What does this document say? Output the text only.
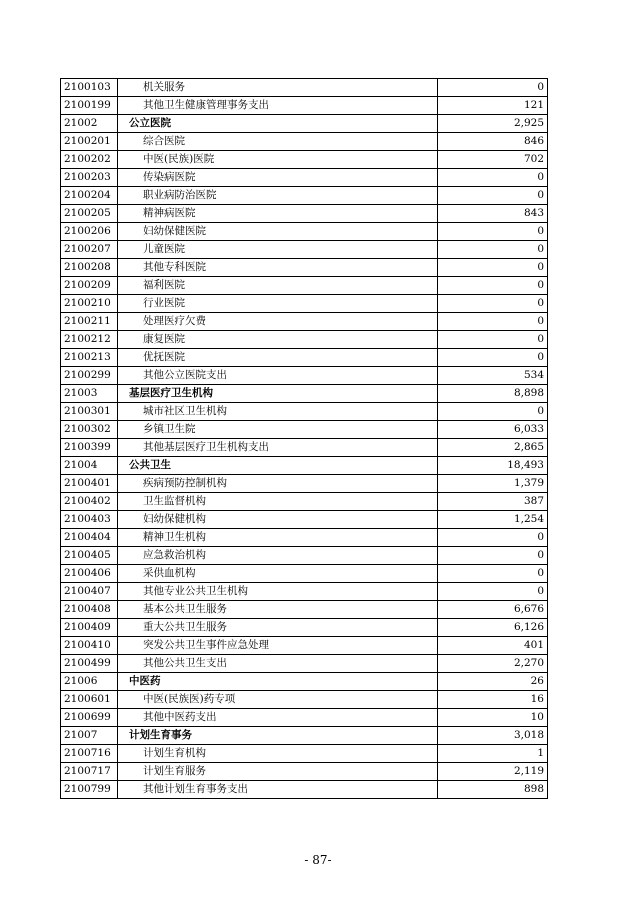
2100103	机关服务	0
2100199	其他卫生健康管理事务支出	121
21002	公立医院	2,925
2100201	综合医院	846
2100202	中医(民族)医院	702
2100203	传染病医院	0
2100204	职业病防治医院	0
2100205	精神病医院	843
2100206	妇幼保健医院	0
2100207	儿童医院	0
2100208	其他专科医院	0
2100209	福利医院	0
2100210	行业医院	0
2100211	处理医疗欠费	0
2100212	康复医院	0
2100213	优抚医院	0
2100299	其他公立医院支出	534
21003	基层医疗卫生机构	8,898
2100301	城市社区卫生机构	0
2100302	乡镇卫生院	6,033
2100399	其他基层医疗卫生机构支出	2,865
21004	公共卫生	18,493
2100401	疾病预防控制机构	1,379
2100402	卫生监督机构	387
2100403	妇幼保健机构	1,254
2100404	精神卫生机构	0
2100405	应急救治机构	0
2100406	采供血机构	0
2100407	其他专业公共卫生机构	0
2100408	基本公共卫生服务	6,676
2100409	重大公共卫生服务	6,126
2100410	突发公共卫生事件应急处理	401
2100499	其他公共卫生支出	2,270
21006	中医药	26
2100601	中医(民族医)药专项	16
2100699	其他中医药支出	10
21007	计划生育事务	3,018
2100716	计划生育机构	1
2100717	计划生育服务	2,119
2100799	其他计划生育事务支出	898
- 87-
